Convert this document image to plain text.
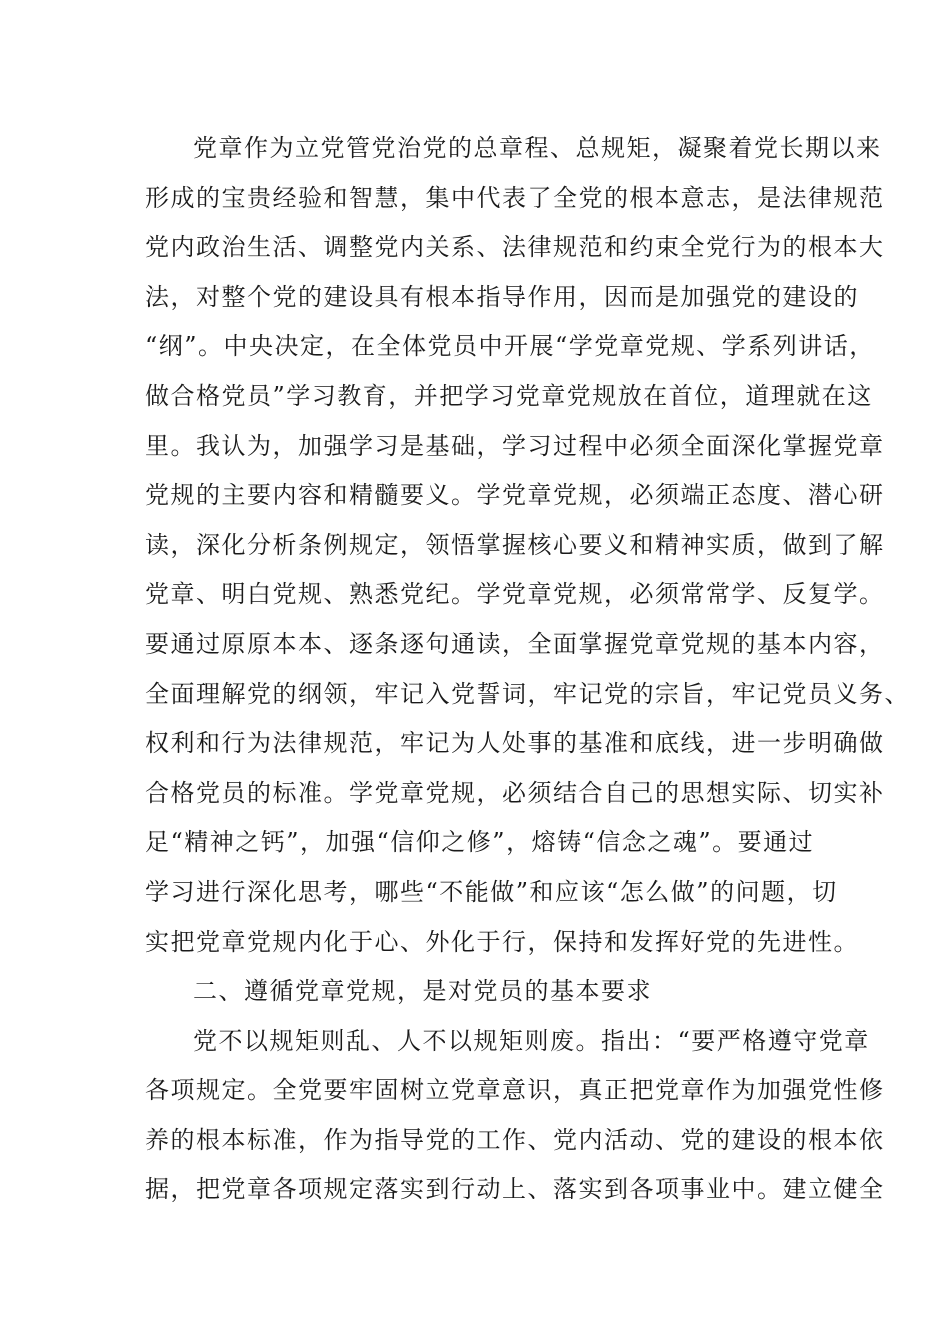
党章作为立党管党治党的总章程、总规矩，凝聚着党长期以来
形成的宝贵经验和智慧，集中代表了全党的根本意志，是法律规范
党内政治生活、调整党内关系、法律规范和约束全党行为的根本大
法，对整个党的建设具有根本指导作用，因而是加强党的建设的
“纲”。中央决定，在全体党员中开展“学党章党规、学系列讲话，
做合格党员”学习教育，并把学习党章党规放在首位，道理就在这
里。我认为，加强学习是基础，学习过程中必须全面深化掌握党章
党规的主要内容和精髓要义。学党章党规，必须端正态度、潜心研
读，深化分析条例规定，领悟掌握核心要义和精神实质，做到了解
党章、明白党规、熟悉党纪。学党章党规，必须常常学、反复学。
要通过原原本本、逐条逐句通读，全面掌握党章党规的基本内容，
全面理解党的纲领，牢记入党誓词，牢记党的宗旨，牢记党员义务、
权利和行为法律规范，牢记为人处事的基准和底线，进一步明确做
合格党员的标准。学党章党规，必须结合自己的思想实际、切实补
足“精神之钙”，加强“信仰之修”，熔铸“信念之魂”。要通过
学习进行深化思考，哪些“不能做”和应该“怎么做”的问题，切
实把党章党规内化于心、外化于行，保持和发挥好党的先进性。
二、遵循党章党规，是对党员的基本要求
党不以规矩则乱、人不以规矩则废。指出：“要严格遵守党章
各项规定。全党要牢固树立党章意识，真正把党章作为加强党性修
养的根本标准，作为指导党的工作、党内活动、党的建设的根本依
据，把党章各项规定落实到行动上、落实到各项事业中。建立健全
